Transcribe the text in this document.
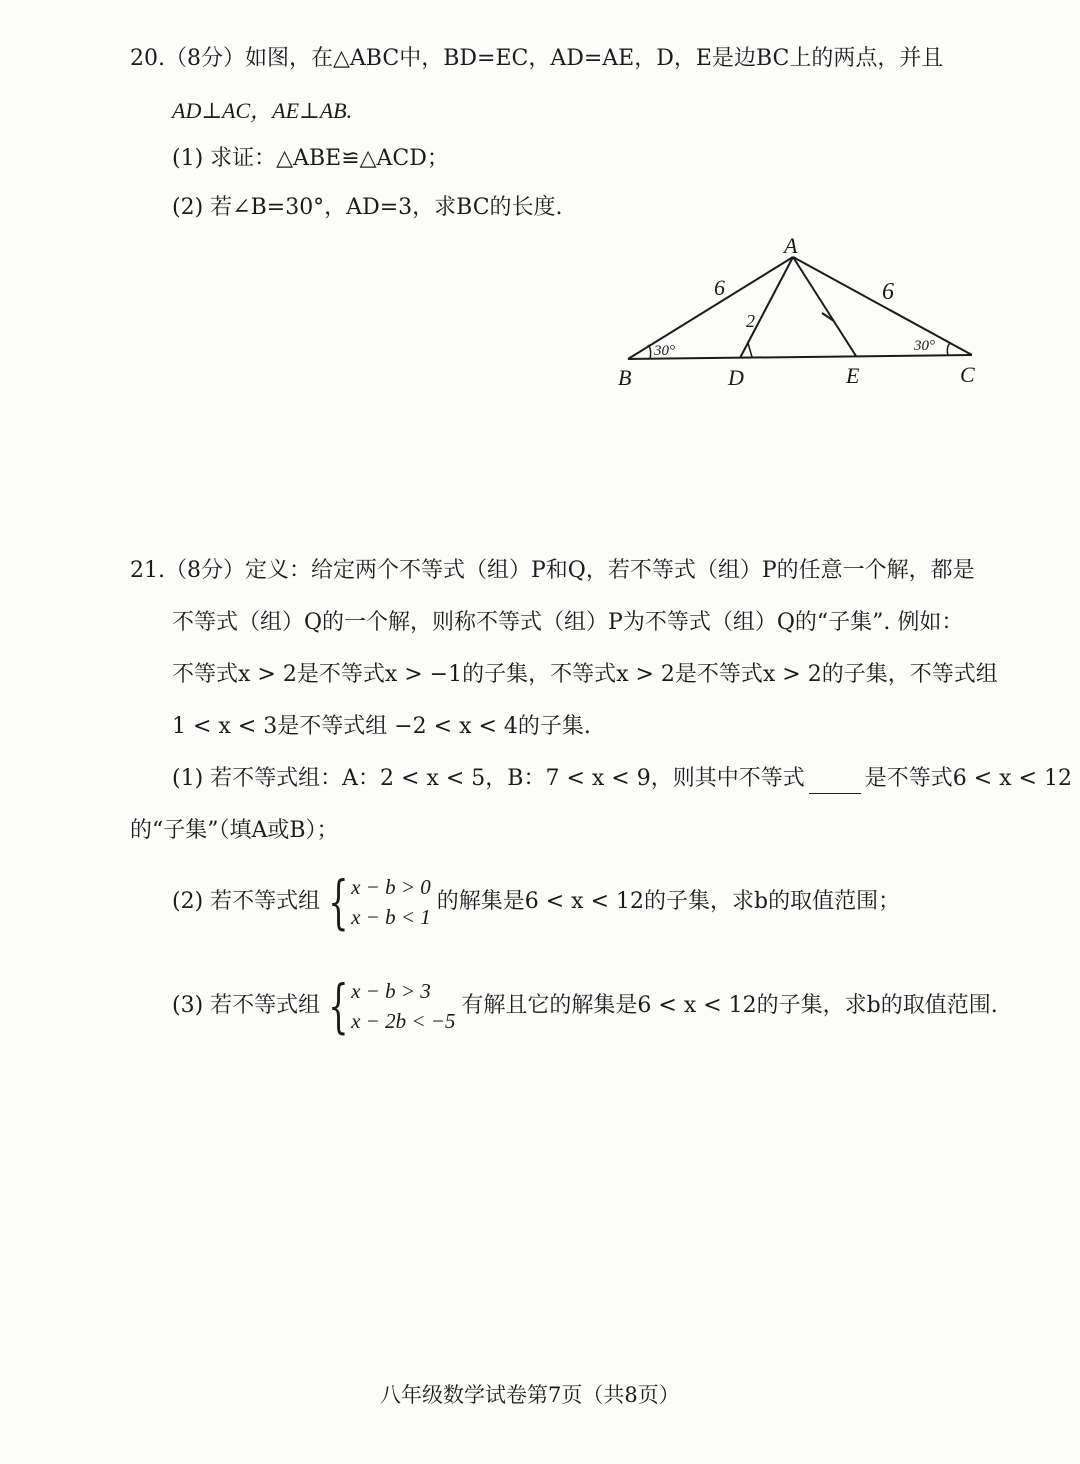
20.（8分）如图，在△ABC中，BD=EC，AD=AE，D，E是边BC上的两点，并且
AD⊥AC，AE⊥AB.
(1) 求证：△ABE≌△ACD；
(2) 若∠B=30°，AD=3，求BC的长度.
A
B	D	E	C
6	6
2
30°	30°
21.（8分）定义：给定两个不等式（组）P和Q，若不等式（组）P的任意一个解，都是
不等式（组）Q的一个解，则称不等式（组）P为不等式（组）Q的“子集”. 例如：
不等式x > 2是不等式x > −1的子集，不等式x > 2是不等式x > 2的子集，不等式组
1 < x < 3是不等式组 −2 < x < 4的子集.
(1) 若不等式组：A：2 < x < 5，B：7 < x < 9，则其中不等式	是不等式6 < x < 12
的“子集”（填A或B）；
(2) 若不等式组 { x − b > 0
x − b < 1
的解集是6 < x < 12的子集，求b的取值范围；
(3) 若不等式组 { x − b > 3
x − 2b < −5
有解且它的解集是6 < x < 12的子集，求b的取值范围.
八年级数学试卷第7页（共8页）
